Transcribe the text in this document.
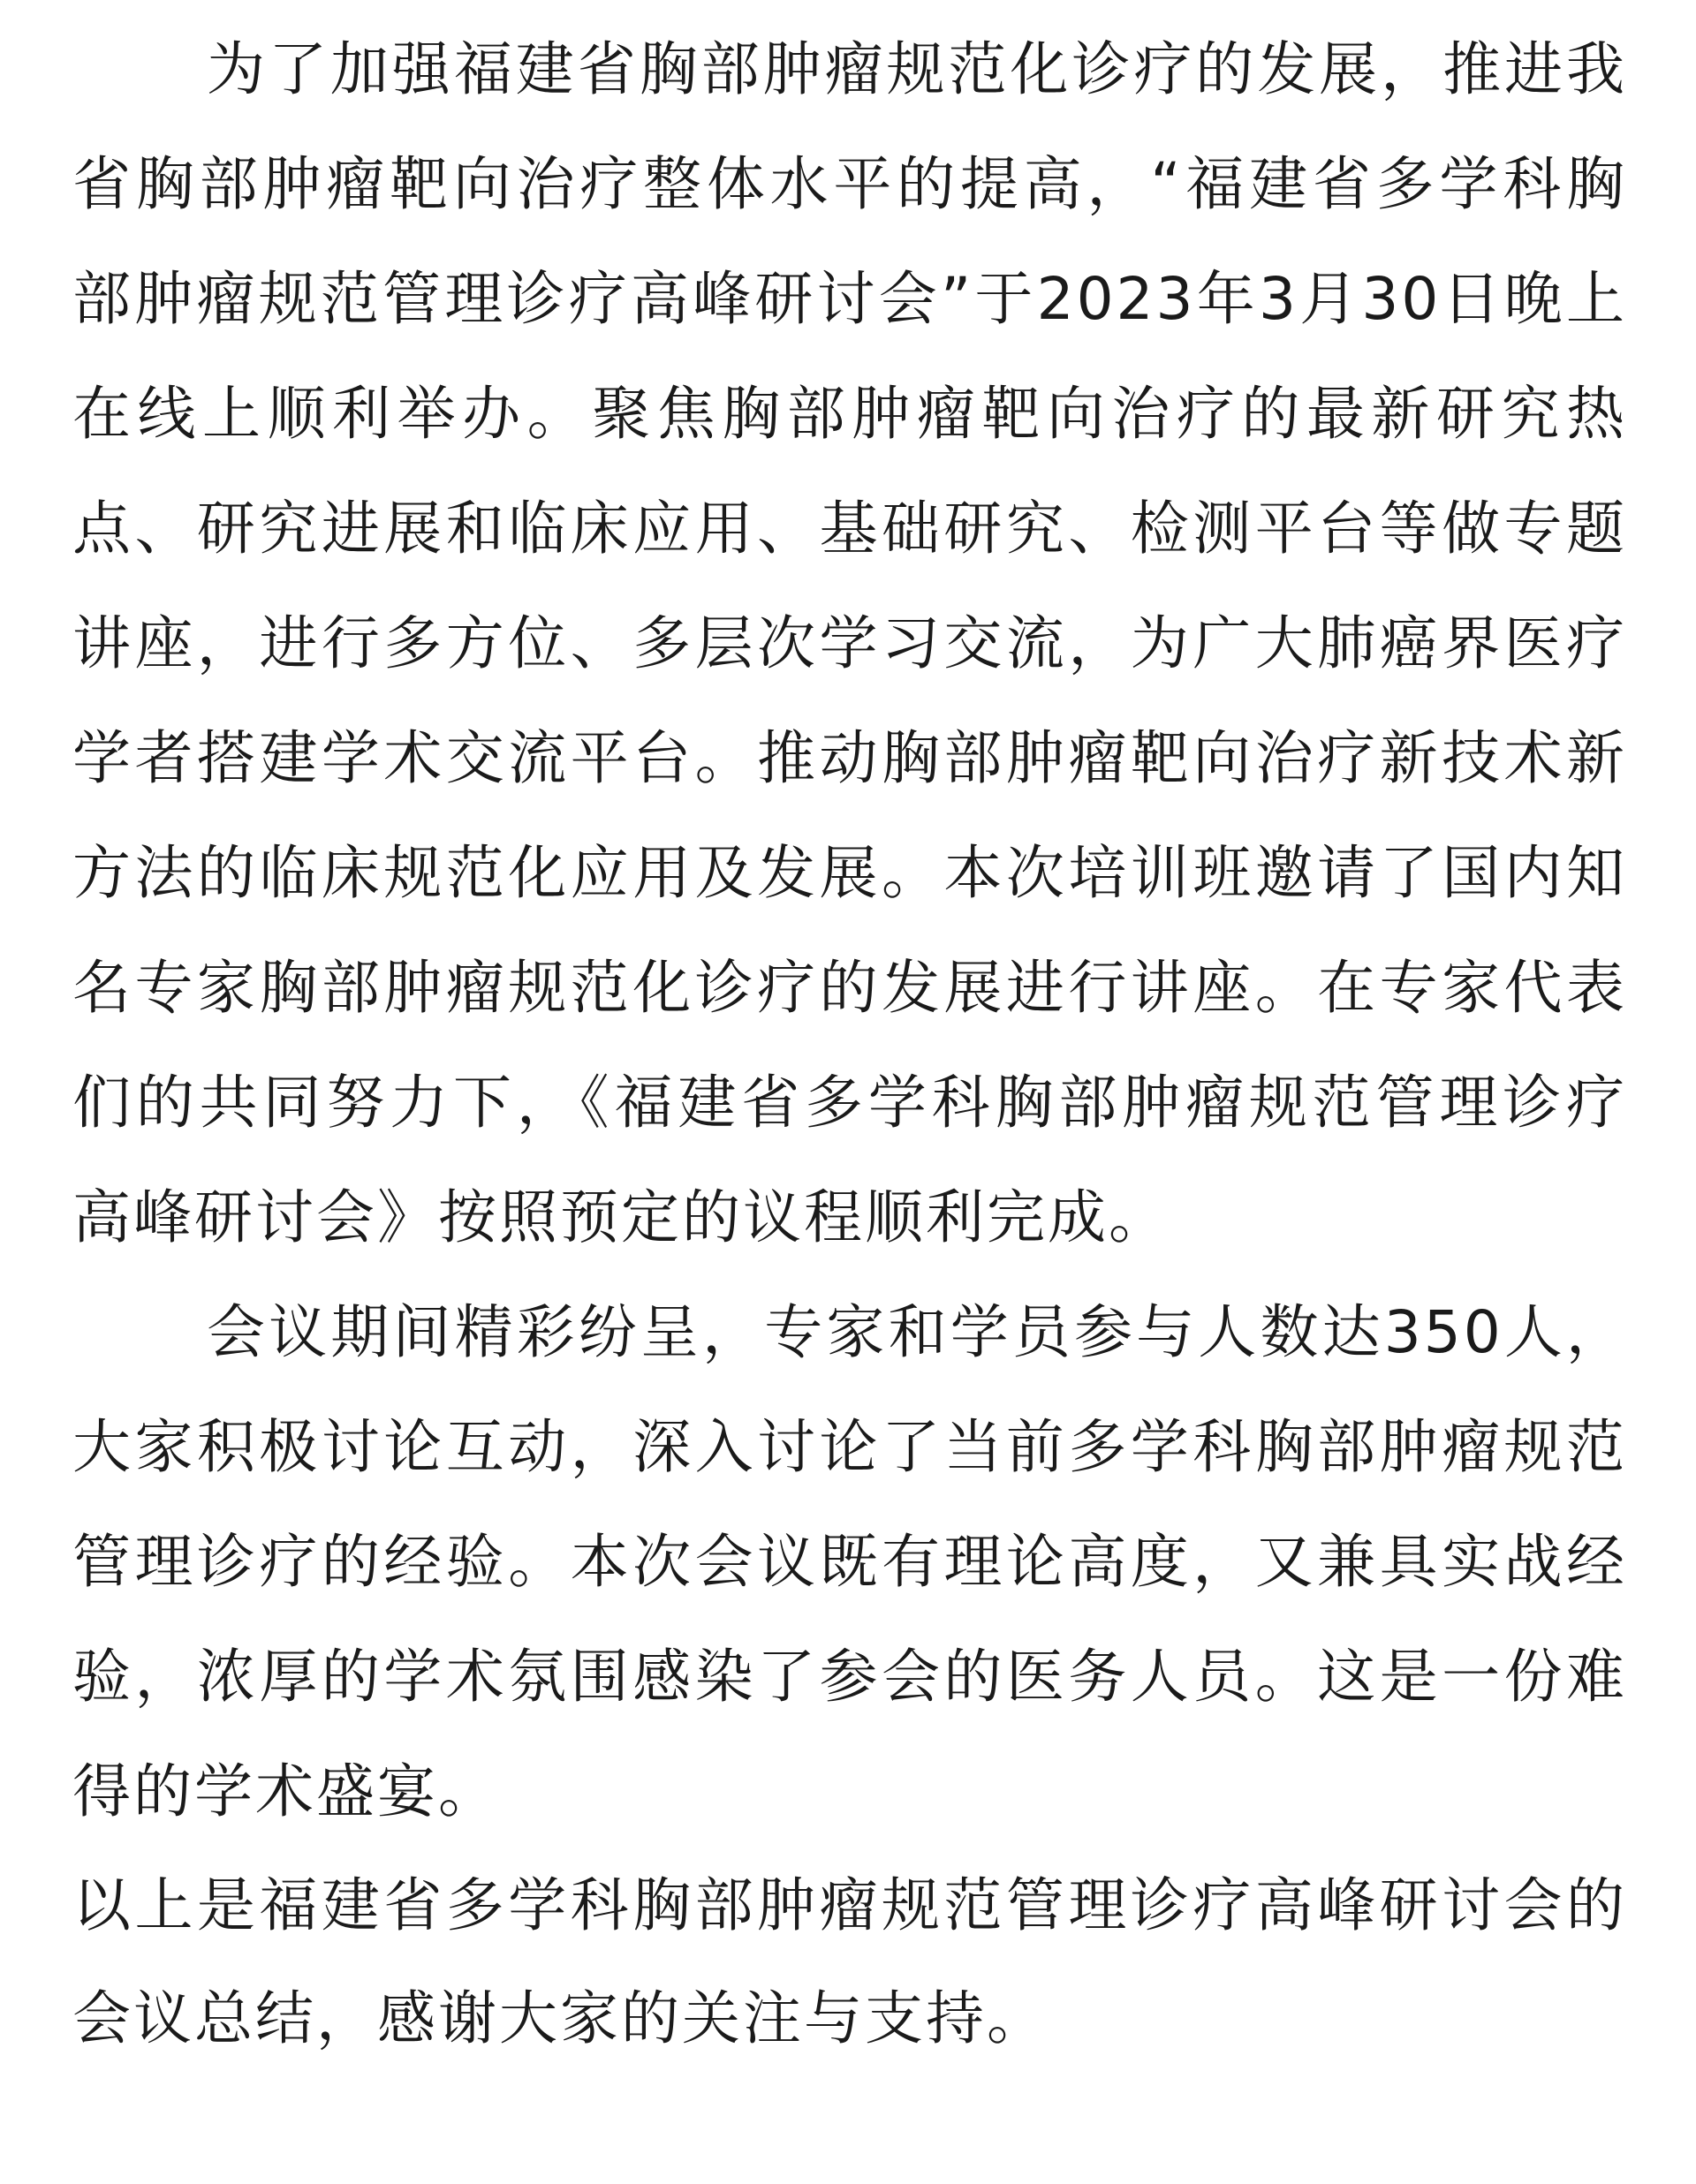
为了加强福建省胸部肿瘤规范化诊疗的发展，推进我省胸部肿瘤靶向治疗整体水平的提高，“福建省多学科胸部肿瘤规范管理诊疗高峰研讨会”于2023年3月30日晚上在线上顺利举办。聚焦胸部肿瘤靶向治疗的最新研究热点、研究进展和临床应用、基础研究、检测平台等做专题讲座，进行多方位、多层次学习交流，为广大肺癌界医疗学者搭建学术交流平台。推动胸部肿瘤靶向治疗新技术新方法的临床规范化应用及发展。本次培训班邀请了国内知名专家胸部肿瘤规范化诊疗的发展进行讲座。在专家代表们的共同努力下，《福建省多学科胸部肿瘤规范管理诊疗高峰研讨会》按照预定的议程顺利完成。

会议期间精彩纷呈，专家和学员参与人数达350人，大家积极讨论互动，深入讨论了当前多学科胸部肿瘤规范管理诊疗的经验。本次会议既有理论高度，又兼具实战经验，浓厚的学术氛围感染了参会的医务人员。这是一份难得的学术盛宴。

以上是福建省多学科胸部肿瘤规范管理诊疗高峰研讨会的会议总结，感谢大家的关注与支持。
